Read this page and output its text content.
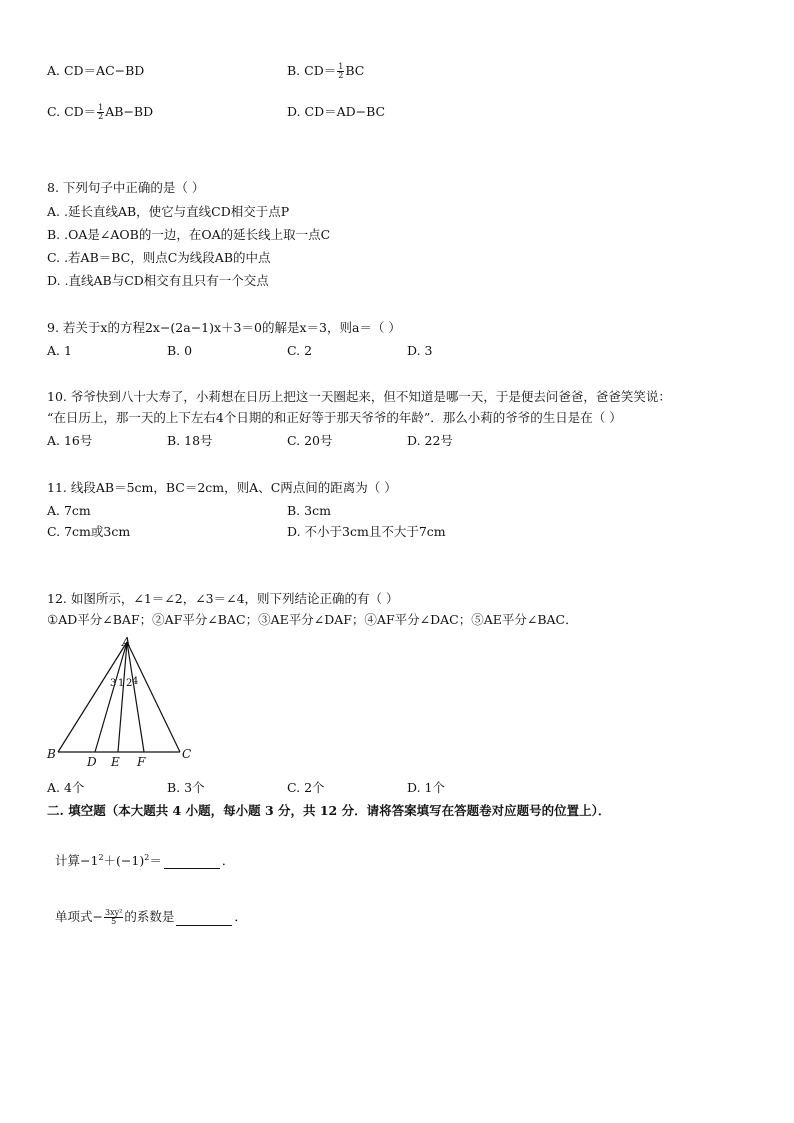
A. CD＝AC−BD	B. $CD= \frac{1}{2}$ BC
C. $CD= \frac{1}{2} AB-BD$	D. CD＝AD−BC
8. 下列句子中正确的是（ ）
A. .延长直线AB，使它与直线CD相交于点P
B. .OA是∠AOB的一边，在OA的延长线上取一点C
C. .若AB＝BC，则点C为线段AB的中点
D. .直线AB与CD相交有且只有一个交点
9. 若关于x的方程2x−(2a−1)x＋3＝0的解是x＝3，则a＝（ ）
A. 1	B. 0	C. 2	D. 3
10. 爷爷快到八十大寿了，小莉想在日历上把这一天圈起来，但不知道是哪一天，于是便去问爸爸，爸爸笑笑说：
“在日历上，那一天的上下左右4个日期的和正好等于那天爷爷的年龄”．那么小莉的爷爷的生日是在（ ）
A. 16号	B. 18号	C. 20号	D. 22号
11. 线段AB＝5cm，BC＝2cm，则A、C两点间的距离为（ ）
A. 7cm	B. 3cm
C. 7cm或3cm	D. 不小于3cm且不大于7cm
12. 如图所示，∠1＝∠2，∠3＝∠4，则下列结论正确的有（ ）
①AD平分∠BAF；②AF平分∠BAC；③AE平分∠DAF；④AF平分∠DAC；⑤AE平分∠BAC．
A
B	C
D E F
3 1 2 4
A. 4个	B. 3个	C. 2个	D. 1个
二. 填空题（本大题共 4 小题，每小题 3 分，共 12 分．请将答案填写在答题卷对应题号的位置上）．
计算$-1^2+(-1)^2=$	．
单项式− $\frac{\text{3xy²}}{5}$ 的系数是	．
